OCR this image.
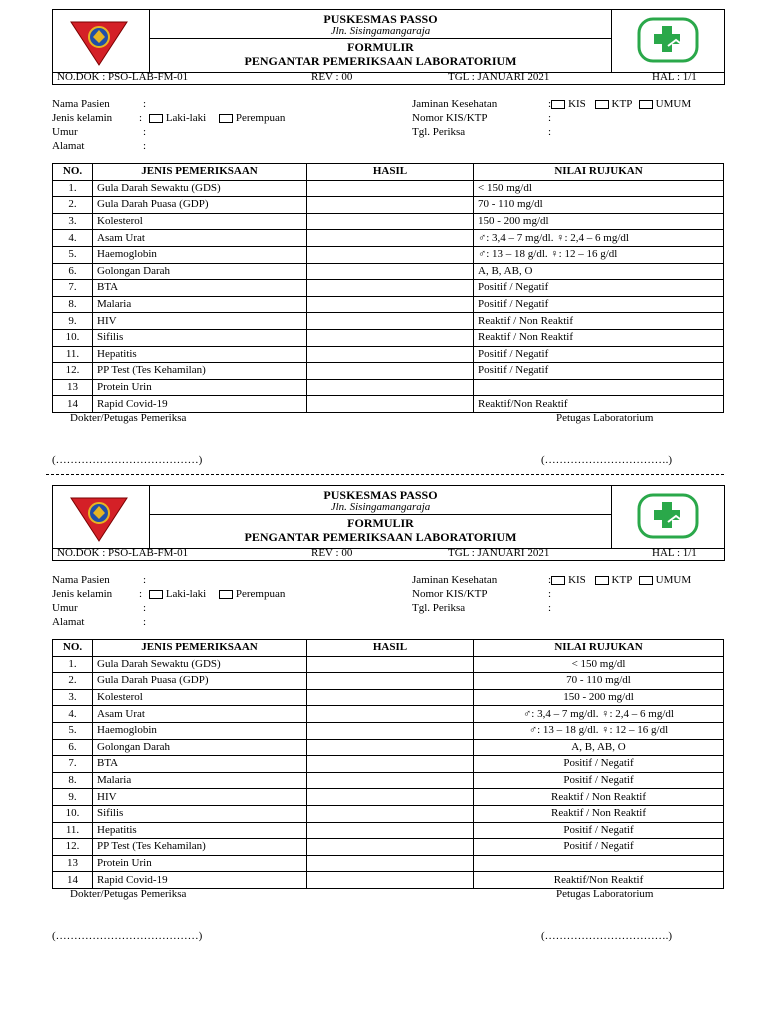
PUSKESMAS PASSO
Jln. Sisingamangaraja
FORMULIR
PENGANTAR PEMERIKSAAN LABORATORIUM
NO.DOK : PSO-LAB-FM-01	REV : 00	TGL : JANUARI 2021	HAL : 1/1
Nama Pasien	:
Jenis kelamin : Laki-laki	Perempuan
Umur	:
Alamat	:
Jaminan Kesehatan	: KIS KTP UMUM
Nomor KIS/KTP	:
Tgl. Periksa	:
NO.	JENIS PEMERIKSAAN	HASIL	NILAI RUJUKAN
1.	Gula Darah Sewaktu (GDS)		< 150 mg/dl
2.	Gula Darah Puasa (GDP)		70 - 110 mg/dl
3.	Kolesterol		150 - 200 mg/dl
4.	Asam Urat		♂: 3,4 – 7 mg/dl. ♀: 2,4 – 6 mg/dl
5.	Haemoglobin		♂: 13 – 18 g/dl. ♀: 12 – 16 g/dl
6.	Golongan Darah		A, B, AB, O
7.	BTA		Positif / Negatif
8.	Malaria		Positif / Negatif
9.	HIV		Reaktif / Non Reaktif
10.	Sifilis		Reaktif / Non Reaktif
11.	Hepatitis		Positif / Negatif
12.	PP Test (Tes Kehamilan)		Positif / Negatif
13	Protein Urin		
14	Rapid Covid-19		Reaktif/Non Reaktif
Dokter/Petugas Pemeriksa	Petugas Laboratorium
(…………………………………)	(…………………………….)
PUSKESMAS PASSO
Jln. Sisingamangaraja
FORMULIR
PENGANTAR PEMERIKSAAN LABORATORIUM
NO.DOK : PSO-LAB-FM-01	REV : 00	TGL : JANUARI 2021	HAL : 1/1
Nama Pasien	:
Jenis kelamin : Laki-laki	Perempuan
Umur	:
Alamat	:
Jaminan Kesehatan	: KIS KTP UMUM
Nomor KIS/KTP	:
Tgl. Periksa	:
NO.	JENIS PEMERIKSAAN	HASIL	NILAI RUJUKAN
1.	Gula Darah Sewaktu (GDS)		< 150 mg/dl
2.	Gula Darah Puasa (GDP)		70 - 110 mg/dl
3.	Kolesterol		150 - 200 mg/dl
4.	Asam Urat		♂: 3,4 – 7 mg/dl. ♀: 2,4 – 6 mg/dl
5.	Haemoglobin		♂: 13 – 18 g/dl. ♀: 12 – 16 g/dl
6.	Golongan Darah		A, B, AB, O
7.	BTA		Positif / Negatif
8.	Malaria		Positif / Negatif
9.	HIV		Reaktif / Non Reaktif
10.	Sifilis		Reaktif / Non Reaktif
11.	Hepatitis		Positif / Negatif
12.	PP Test (Tes Kehamilan)		Positif / Negatif
13	Protein Urin		
14	Rapid Covid-19		Reaktif/Non Reaktif
Dokter/Petugas Pemeriksa	Petugas Laboratorium
(…………………………………)	(…………………………….)
